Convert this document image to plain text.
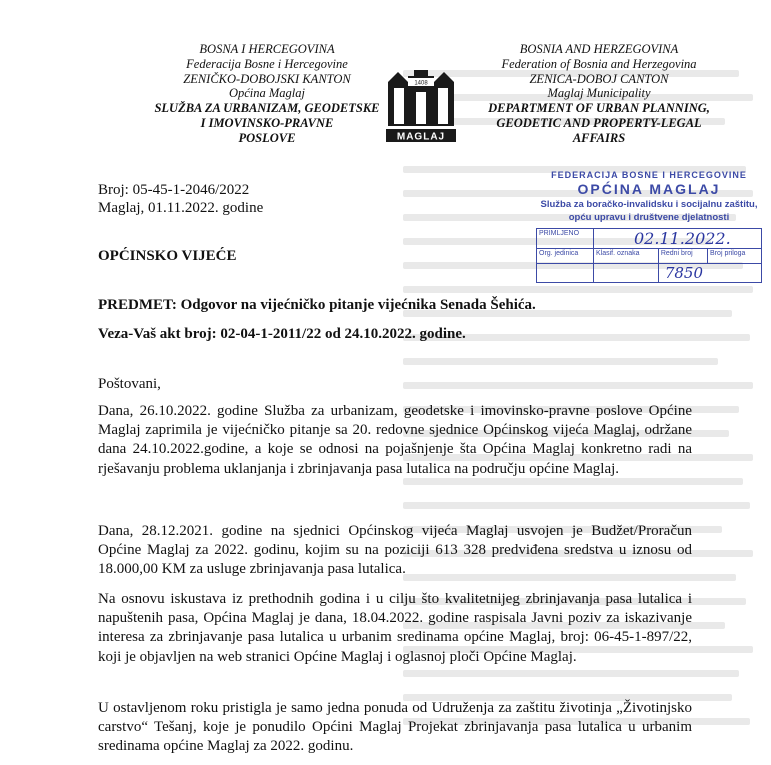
BOSNA I HERCEGOVINA
Federacija Bosne i Hercegovine
ZENIČKO-DOBOJSKI KANTON
Općina Maglaj
SLUŽBA ZA URBANIZAM, GEODETSKE
I IMOVINSKO-PRAVNE
POSLOVE
1408
MAGLAJ
BOSNIA AND HERZEGOVINA
Federation of Bosnia and Herzegovina
ZENICA-DOBOJ CANTON
Maglaj Municipality
DEPARTMENT OF URBAN PLANNING,
GEODETIC AND PROPERTY-LEGAL
AFFAIRS
FEDERACIJA BOSNE I HERCEGOVINE
OPĆINA MAGLAJ
Služba za boračko-invalidsku i socijalnu zaštitu,
opću upravu i društvene djelatnosti
PRIMLJENO	02.11.2022.		
Org. jedinica	Klasif. oznaka	Redni broj	Broj priloga
		7850	
Broj: 05-45-1-2046/2022
Maglaj, 01.11.2022. godine
OPĆINSKO VIJEĆE
PREDMET: Odgovor na vijećničko pitanje vijećnika Senada Šehića.
Veza-Vaš akt broj: 02-04-1-2011/22 od 24.10.2022. godine.
Poštovani,
Dana, 26.10.2022. godine Služba za urbanizam, geodetske i imovinsko-pravne poslove Općine Maglaj zaprimila je vijećničko pitanje sa 20. redovne sjednice Općinskog vijeća Maglaj, održane dana 24.10.2022.godine, a koje se odnosi na pojašnjenje šta Općina Maglaj konkretno radi na rješavanju problema uklanjanja i zbrinjavanja pasa lutalica na području općine Maglaj.
Dana, 28.12.2021. godine na sjednici Općinskog vijeća Maglaj usvojen je Budžet/Proračun Općine Maglaj za 2022. godinu, kojim su na poziciji 613 328 predviđena sredstva u iznosu od 18.000,00 KM za usluge zbrinjavanja pasa lutalica.
Na osnovu iskustava iz prethodnih godina i u cilju što kvalitetnijeg zbrinjavanja pasa lutalica i napuštenih pasa, Općina Maglaj je dana, 18.04.2022. godine raspisala Javni poziv za iskazivanje interesa za zbrinjavanje pasa lutalica u urbanim sredinama općine Maglaj, broj: 06-45-1-897/22, koji je objavljen na web stranici Općine Maglaj i oglasnoj ploči Općine Maglaj.
U ostavljenom roku pristigla je samo jedna ponuda od Udruženja za zaštitu životinja „Životinjsko carstvo“ Tešanj, koje je ponudilo Općini Maglaj Projekat zbrinjavanja pasa lutalica u urbanim sredinama općine Maglaj za 2022. godinu.
